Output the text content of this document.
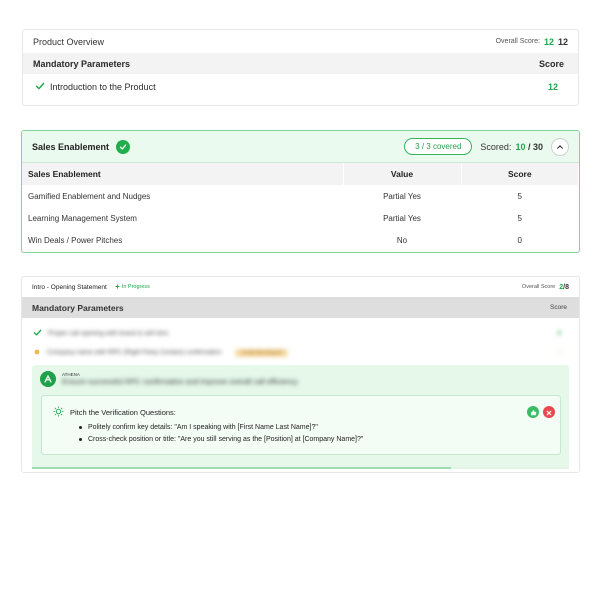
Product Overview	Overall Score: 12 12
Mandatory Parameters	Score
Introduction to the Product	12
Sales Enablement	3 / 3 covered	Scored: 10 / 30
Sales Enablement	Value	Score
Gamified Enablement and Nudges	Partial Yes	5
Learning Management System	Partial Yes	5
Win Deals / Power Pitches	No	0
Intro - Opening Statement	In Progress	Overall Score 2/8
Mandatory Parameters	Score
Proper call opening with brand & self intro	2
Company name with RPC (Right Party Contact) confirmation	Underdeveloped	-
ATHENA
Ensure successful RPC confirmation and improve overall call efficiency
Pitch the Verification Questions:
Politely confirm key details: "Am I speaking with [First Name Last Name]?"
Cross-check position or title: "Are you still serving as the [Position] at [Company Name]?"
